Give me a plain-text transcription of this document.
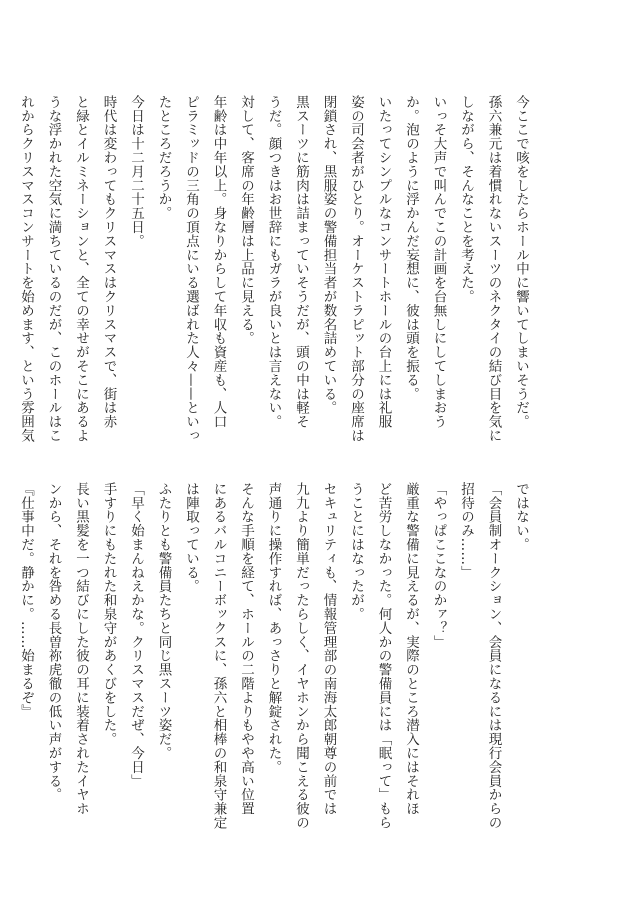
今ここで咳をしたらホール中に響いてしまいそうだ。
孫六兼元は着慣れないスーツのネクタイの結び目を気に
しながら、そんなことを考えた。
いっそ大声で叫んでこの計画を台無しにしてしまおう
か。泡のように浮かんだ妄想に、彼は頭を振る。
いたってシンプルなコンサートホールの台上には礼服
姿の司会者がひとり。オーケストラピット部分の座席は
閉鎖され、黒服姿の警備担当者が数名詰めている。
黒スーツに筋肉は詰まっていそうだが、頭の中は軽そ
うだ。顔つきはお世辞にもガラが良いとは言えない。
対して、客席の年齢層は上品に見える。
年齢は中年以上。身なりからして年収も資産も、人口
ピラミッドの三角の頂点にいる選ばれた人々——といっ
たところだろうか。
今日は十二月二十五日。
時代は変わってもクリスマスはクリスマスで、街は赤
と緑とイルミネーションと、全ての幸せがそこにあるよ
うな浮かれた空気に満ちているのだが、このホールはこ
れからクリスマスコンサートを始めます、という雰囲気
ではない。
「会員制オークション、会員になるには現行会員からの
招待のみ……」
「やっぱここなのかァ？」
厳重な警備に見えるが、実際のところ潜入にはそれほ
ど苦労しなかった。何人かの警備員には「眠って」もら
うことにはなったが。
セキュリティも、情報管理部の南海太郎朝尊の前では
九九より簡単だったらしく、イヤホンから聞こえる彼の
声通りに操作すれば、あっさりと解錠された。
そんな手順を経て、ホールの二階よりもやや高い位置
にあるバルコニーボックスに、孫六と相棒の和泉守兼定
は陣取っている。
ふたりとも警備員たちと同じ黒スーツ姿だ。
「早く始まんねえかな。クリスマスだぜ、今日」
手すりにもたれた和泉守があくびをした。
長い黒髪を一つ結びにした彼の耳に装着されたイヤホ
ンから、それを咎める長曽祢虎徹の低い声がする。
『仕事中だ。静かに。……始まるぞ』
